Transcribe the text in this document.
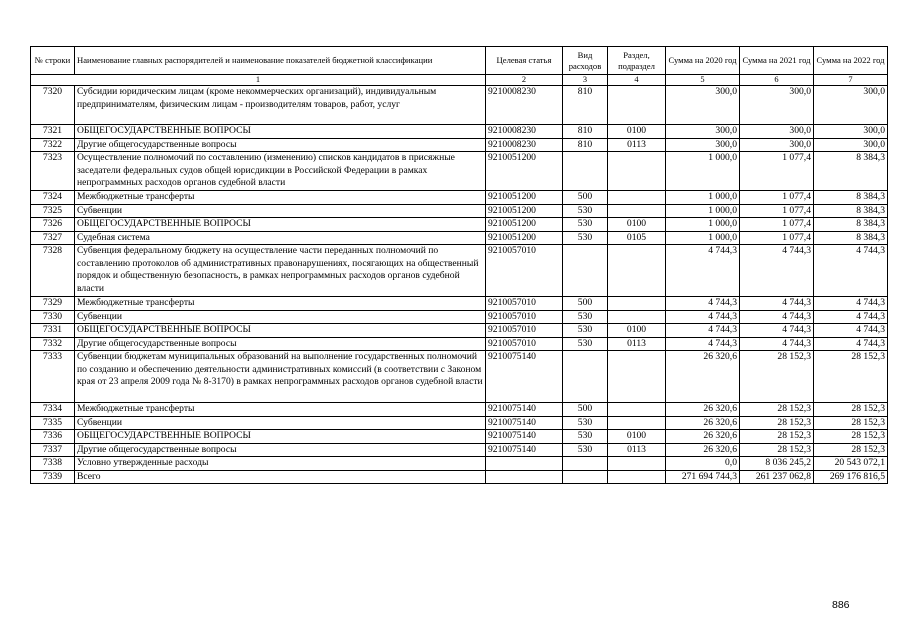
№ строки	Наименование главных распорядителей и наименование показателей бюджетной классификации	Целевая статья	Вид расходов	Раздел, подраздел	Сумма на 2020 год	Сумма на 2021 год	Сумма на 2022 год
1		2	3	4	5	6	7
7320	Субсидии юридическим лицам (кроме некоммерческих организаций), индивидуальным предпринимателям, физическим лицам - производителям товаров, работ, услуг	9210008230	810		300,0	300,0	300,0
7321	ОБЩЕГОСУДАРСТВЕННЫЕ ВОПРОСЫ	9210008230	810	0100	300,0	300,0	300,0
7322	Другие общегосударственные вопросы	9210008230	810	0113	300,0	300,0	300,0
7323	Осуществление полномочий по составлению (изменению) списков кандидатов в присяжные заседатели федеральных судов общей юрисдикции в Российской Федерации в рамках непрограммных расходов органов судебной власти	9210051200			1 000,0	1 077,4	8 384,3
7324	Межбюджетные трансферты	9210051200	500		1 000,0	1 077,4	8 384,3
7325	Субвенции	9210051200	530		1 000,0	1 077,4	8 384,3
7326	ОБЩЕГОСУДАРСТВЕННЫЕ ВОПРОСЫ	9210051200	530	0100	1 000,0	1 077,4	8 384,3
7327	Судебная система	9210051200	530	0105	1 000,0	1 077,4	8 384,3
7328	Субвенция федеральному бюджету на осуществление части переданных полномочий по составлению протоколов об административных правонарушениях, посягающих на общественный порядок и общественную безопасность, в рамках непрограммных расходов органов судебной власти	9210057010			4 744,3	4 744,3	4 744,3
7329	Межбюджетные трансферты	9210057010	500		4 744,3	4 744,3	4 744,3
7330	Субвенции	9210057010	530		4 744,3	4 744,3	4 744,3
7331	ОБЩЕГОСУДАРСТВЕННЫЕ ВОПРОСЫ	9210057010	530	0100	4 744,3	4 744,3	4 744,3
7332	Другие общегосударственные вопросы	9210057010	530	0113	4 744,3	4 744,3	4 744,3
7333	Субвенции бюджетам муниципальных образований на выполнение государственных полномочий по созданию и обеспечению деятельности административных комиссий (в соответствии с Законом края от 23 апреля 2009 года № 8-3170) в рамках непрограммных расходов органов судебной власти	9210075140			26 320,6	28 152,3	28 152,3
7334	Межбюджетные трансферты	9210075140	500		26 320,6	28 152,3	28 152,3
7335	Субвенции	9210075140	530		26 320,6	28 152,3	28 152,3
7336	ОБЩЕГОСУДАРСТВЕННЫЕ ВОПРОСЫ	9210075140	530	0100	26 320,6	28 152,3	28 152,3
7337	Другие общегосударственные вопросы	9210075140	530	0113	26 320,6	28 152,3	28 152,3
7338	Условно утвержденные расходы				0,0	8 036 245,2	20 543 072,1
7339	Всего				271 694 744,3	261 237 062,8	269 176 816,5
886
